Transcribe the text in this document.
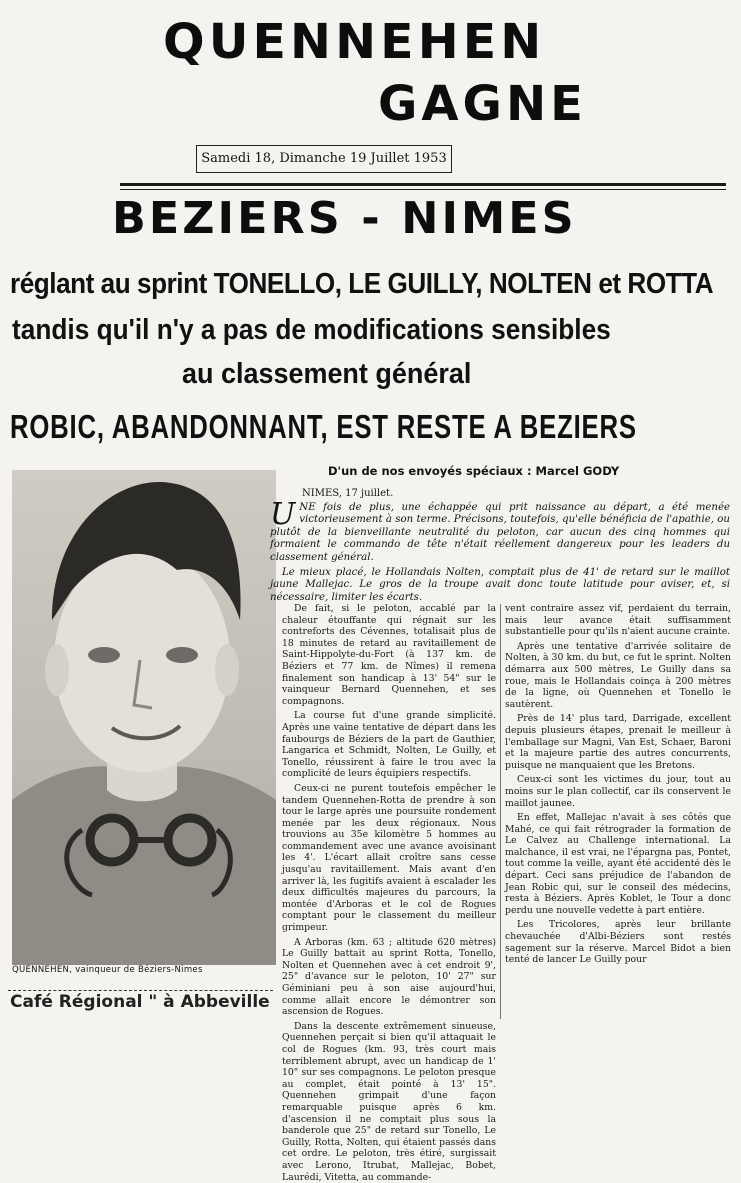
QUENNEHEN
GAGNE
Samedi 18, Dimanche 19 Juillet 1953
BEZIERS - NIMES
réglant au sprint TONELLO, LE GUILLY, NOLTEN et ROTTA
tandis qu'il n'y a pas de modifications sensibles
au classement général
ROBIC, ABANDONNANT, EST RESTE A BEZIERS
D'un de nos envoyés spéciaux : Marcel GODY
QUENNEHEN, vainqueur de Béziers-Nimes
Café Régional " à Abbeville
NIMES, 17 juillet.
U NE fois de plus, une échappée qui prit naissance au départ, a été menée victorieusement à son terme. Précisons, toutefois, qu'elle bénéficia de l'apathie, ou plutôt de la bienveillante neutralité du peloton, car aucun des cinq hommes qui formaient le commando de tête n'était réellement dangereux pour les leaders du classement général.

Le mieux placé, le Hollandais Nolten, comptait plus de 41' de retard sur le maillot jaune Mallejac. Le gros de la troupe avait donc toute latitude pour aviser, et, si nécessaire, limiter les écarts.

De fait, si le peloton, accablé par la chaleur étouffante qui régnait sur les contreforts des Cévennes, totalisait plus de 18 minutes de retard au ravitaillement de Saint-Hippolyte-du-Fort (à 137 km. de Béziers et 77 km. de Nîmes) il remena finalement son handicap à 13' 54" sur le vainqueur Bernard Quennehen, et ses compagnons.

La course fut d'une grande simplicité. Après une vaine tentative de départ dans les faubourgs de Béziers de la part de Gauthier, Langarica et Schmidt, Nolten, Le Guilly, et Tonello, réussirent à faire le trou avec la complicité de leurs équipiers respectifs.

Ceux-ci ne purent toutefois empêcher le tandem Quennehen-Rotta de prendre à son tour le large après une poursuite rondement menée par les deux régionaux. Nous trouvions au 35e kilomètre 5 hommes au commandement avec une avance avoisinant les 4'. L'écart allait croître sans cesse jusqu'au ravitaillement. Mais avant d'en arriver là, les fugitifs avaient à escalader les deux difficultés majeures du parcours, la montée d'Arboras et le col de Rogues comptant pour le classement du meilleur grimpeur.

A Arboras (km. 63 ; altitude 620 mètres) Le Guilly battait au sprint Rotta, Tonello, Nolten et Quennehen avec à cet endroit 9', 25" d'avance sur le peloton, 10' 27" sur Géminiani peu à son aise aujourd'hui, comme allait encore le démontrer son ascension de Rogues.

Dans la descente extrêmement sinueuse, Quennehen perçait si bien qu'il attaquait le col de Rogues (km. 93, très court mais terriblement abrupt, avec un handicap de 1' 10" sur ses compagnons. Le peloton presque au complet, était pointé à 13' 15". Quennehen grimpait d'une façon remarquable puisque après 6 km. d'ascension il ne comptait plus sous la banderole que 25" de retard sur Tonello, Le Guilly, Rotta, Nolten, qui étaient passés dans cet ordre. Le peloton, très étiré, surgissait avec Lerono, Itrubat, Mallejac, Bobet, Laurédi, Vitetta, au commande-

vent contraire assez vif, perdaient du terrain, mais leur avance était suffisamment substantielle pour qu'ils n'aient aucune crainte.

Après une tentative d'arrivée solitaire de Nolten, à 30 km. du but, ce fut le sprint. Nolten démarra aux 500 mètres, Le Guilly dans sa roue, mais le Hollandais coinça à 200 mètres de la ligne, où Quennehen et Tonello le sautèrent.

Près de 14' plus tard, Darrigade, excellent depuis plusieurs étapes, prenait le meilleur à l'emballage sur Magni, Van Est, Schaer, Baroni et la majeure partie des autres concurrents, puisque ne manquaient que les Bretons.

Ceux-ci sont les victimes du jour, tout au moins sur le plan collectif, car ils conservent le maillot jaunee.

En effet, Mallejac n'avait à ses côtés que Mahé, ce qui fait rétrograder la formation de Le Calvez au Challenge international. La malchance, il est vrai, ne l'épargna pas, Pontet, tout comme la veille, ayant été accidenté dès le départ. Ceci sans préjudice de l'abandon de Jean Robic qui, sur le conseil des médecins, resta à Béziers. Après Koblet, le Tour a donc perdu une nouvelle vedette à part entière.

Les Tricolores, après leur brillante chevauchée d'Albi-Béziers sont restés sagement sur la réserve. Marcel Bidot a bien tenté de lancer Le Guilly pour
